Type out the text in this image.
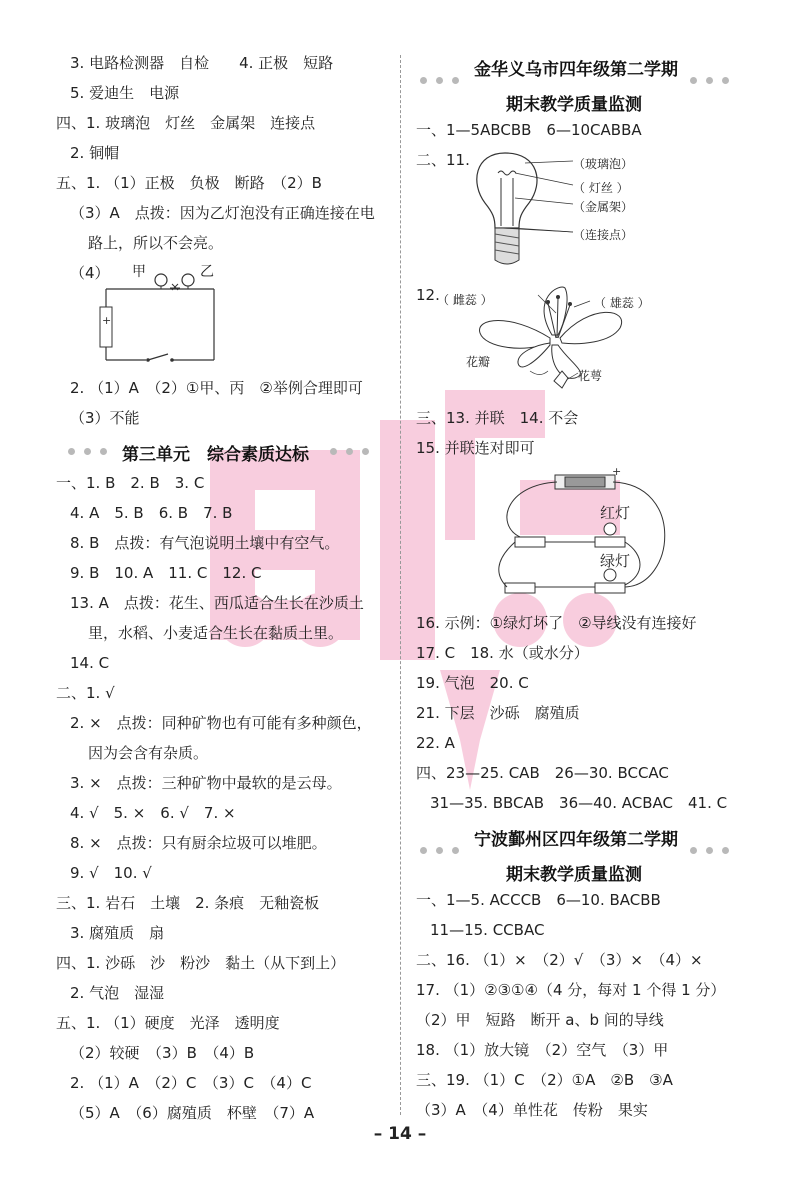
3. 电路检测器　自检　　4. 正极　短路
5. 爱迪生　电源
四、1. 玻璃泡　灯丝　金属架　连接点
2. 铜帽
五、1. （1）正极　负极　断路　（2）B
（3）A　点拨：因为乙灯泡没有正确连接在电
路上，所以不会亮。
（4） 甲	乙
+
2. （1）A　（2）①甲、丙　②举例合理即可
（3）不能
第三单元　综合素质达标
一、1. B　2. B　3. C
4. A　5. B　6. B　7. B
8. B　点拨：有气泡说明土壤中有空气。
9. B　10. A　11. C　12. C
13. A　点拨：花生、西瓜适合生长在沙质土
里，水稻、小麦适合生长在黏质土里。
14. C
二、1. √
2. ×　点拨：同种矿物也有可能有多种颜色，
因为会含有杂质。
3. ×　点拨：三种矿物中最软的是云母。
4. √　5. ×　6. √　7. ×
8. ×　点拨：只有厨余垃圾可以堆肥。
9. √　10. √
三、1. 岩石　土壤　2. 条痕　无釉瓷板
3. 腐殖质　扇
四、1. 沙砾　沙　粉沙　黏土（从下到上）
2. 气泡　湿湿
五、1. （1）硬度　光泽　透明度
（2）较硬　（3）B　（4）B
2. （1）A　（2）C　（3）C　（4）C
（5）A　（6）腐殖质　杯壁　（7）A
金华义乌市四年级第二学期
期末教学质量监测
一、1—5ABCBB　6—10CABBA
二、11.	（玻璃泡）
（ 灯丝 ）
（金属架）
（连接点）
12.
（ 雌蕊 ）	（ 雄蕊 ）
花瓣
花萼
三、13. 并联　14. 不会
15. 并联连对即可
+
红灯
绿灯
16. 示例：①绿灯坏了　②导线没有连接好
17. C　18. 水（或水分）
19. 气泡　20. C
21. 下层　沙砾　腐殖质
22. A
四、23—25. CAB　26—30. BCCAC
31—35. BBCAB　36—40. ACBAC　41. C
宁波鄞州区四年级第二学期
期末教学质量监测
一、1—5. ACCCB　6—10. BACBB
11—15. CCBAC
二、16. （1）×　（2）√　（3）×　（4）×
17. （1）②③①④（4 分，每对 1 个得 1 分）
（2）甲　短路　断开 a、b 间的导线
18. （1）放大镜　（2）空气　（3）甲
三、19. （1）C　（2）①A　②B　③A
（3）A　（4）单性花　传粉　果实
– 14 –
